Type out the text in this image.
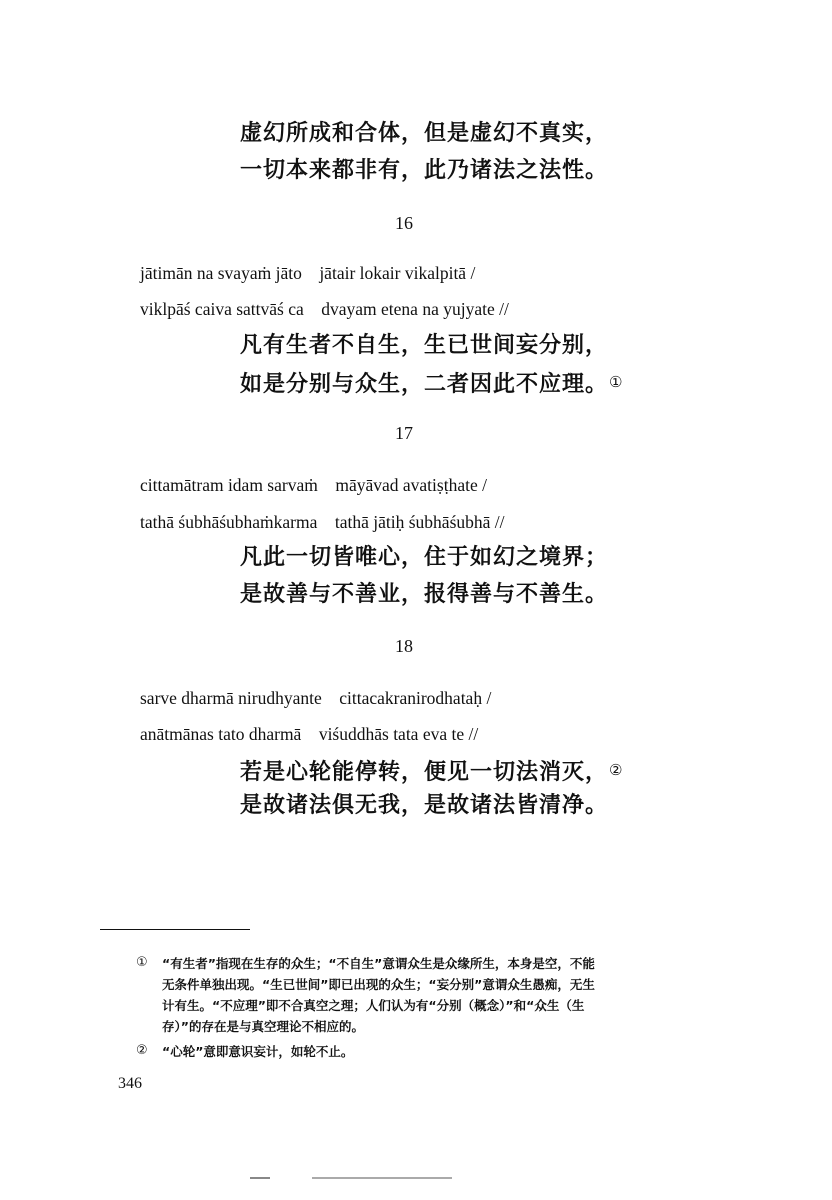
虚幻所成和合体，但是虚幻不真实，
一切本来都非有，此乃诸法之法性。
16
jātimān na svayaṁ jāto    jātair lokair vikalpitā /
viklpāś caiva sattvāś ca    dvayam etena na yujyate //
凡有生者不自生，生已世间妄分别，
如是分别与众生，二者因此不应理。①
17
cittamātram idam sarvaṁ    māyāvad avatiṣṭhate /
tathā śubhāśubhaṁkarma    tathā jātiḥ śubhāśubhā //
凡此一切皆唯心，住于如幻之境界；
是故善与不善业，报得善与不善生。
18
sarve dharmā nirudhyante    cittacakranirodhataḥ /
anātmānas tato dharmā    viśuddhās tata eva te //
若是心轮能停转，便见一切法消灭，②
是故诸法俱无我，是故诸法皆清净。
① “有生者”指现在生存的众生；“不自生”意谓众生是众缘所生，本身是空，不能
无条件单独出现。“生已世间”即已出现的众生；“妄分别”意谓众生愚痴，无生
计有生。“不应理”即不合真空之理；人们认为有“分别（概念）”和“众生（生
存）”的存在是与真空理论不相应的。
② “心轮”意即意识妄计，如轮不止。
346
